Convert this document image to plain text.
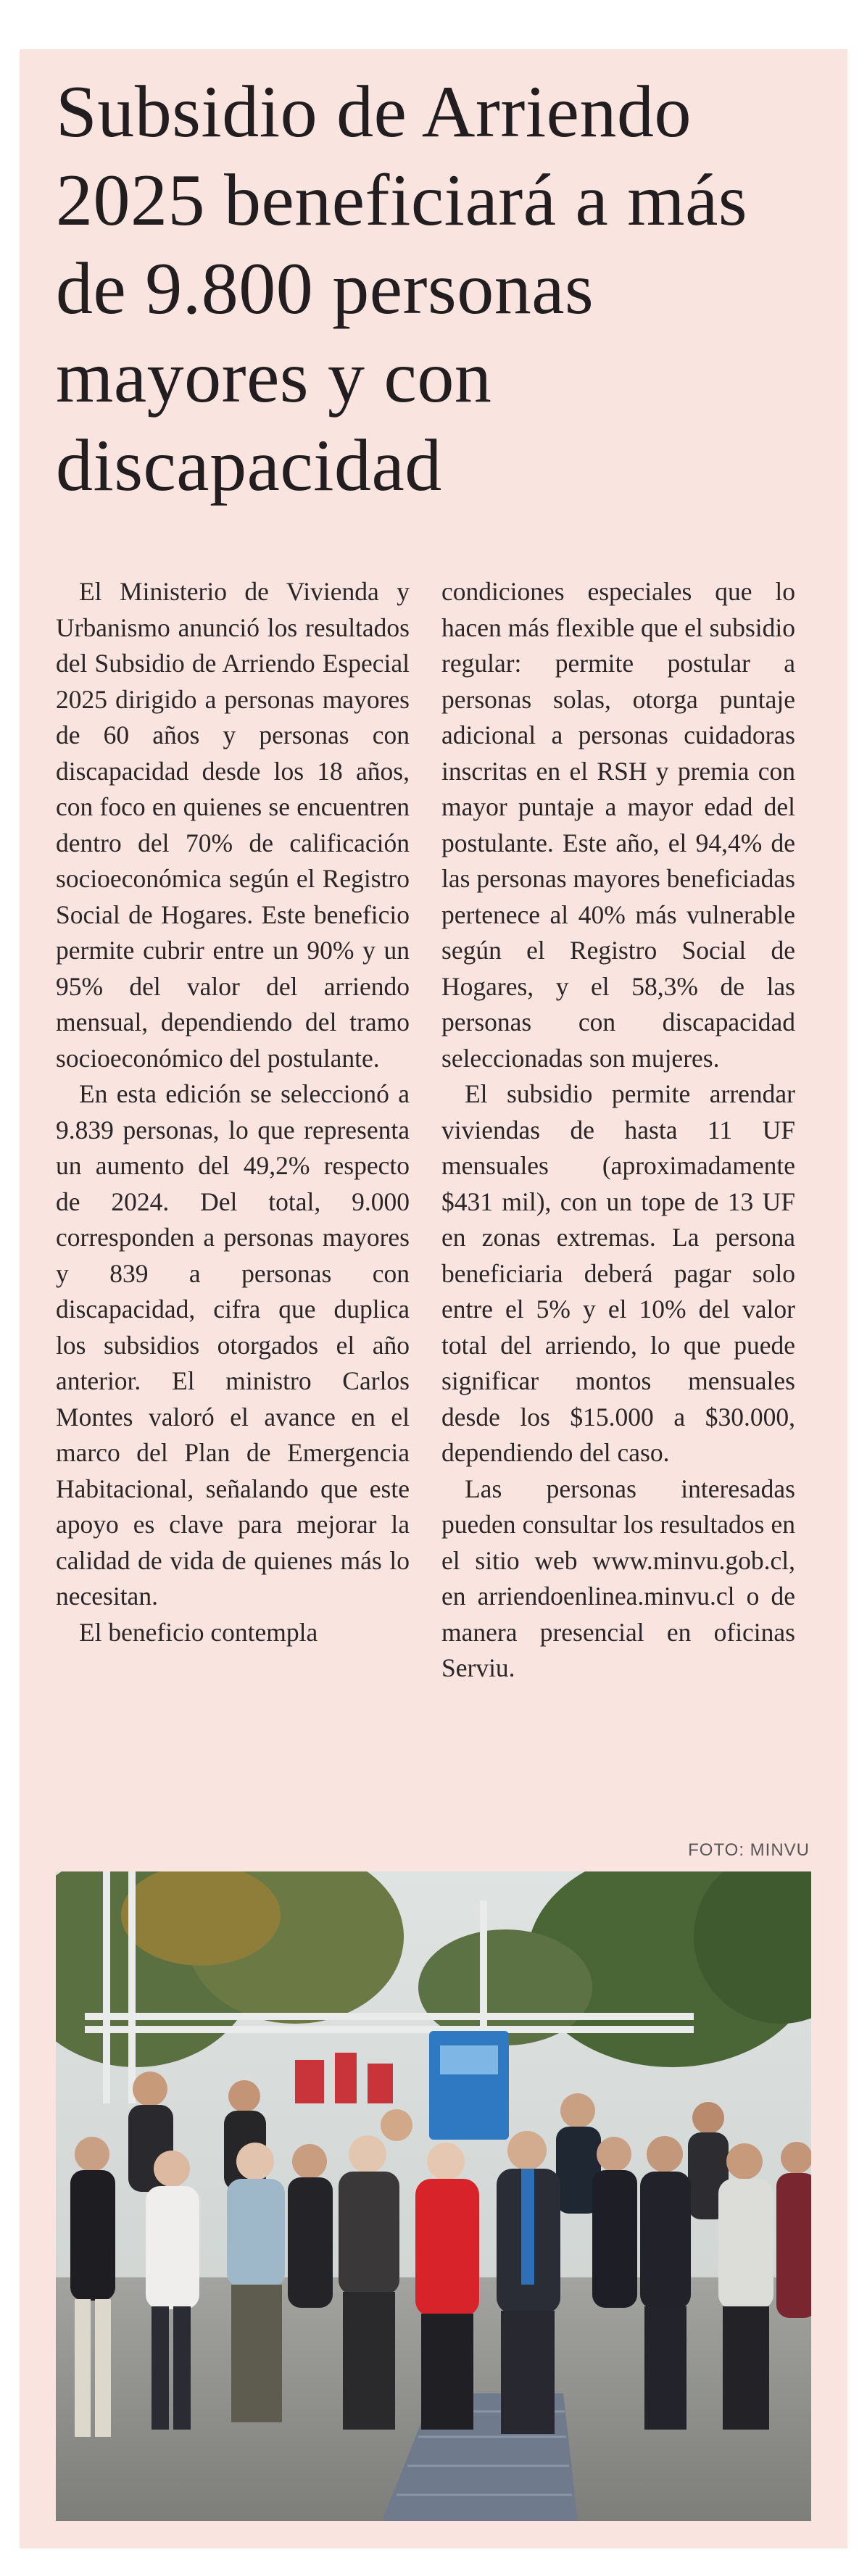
Subsidio de Arriendo 2025 beneficiará a más de 9.800 personas mayores y con discapacidad

El Ministerio de Vivienda y Urbanismo anunció los resultados del Subsidio de Arriendo Especial 2025 dirigido a personas mayores de 60 años y personas con discapacidad desde los 18 años, con foco en quienes se encuentren dentro del 70% de calificación socioeconómica según el Registro Social de Hogares. Este beneficio permite cubrir entre un 90% y un 95% del valor del arriendo mensual, dependiendo del tramo socioeconómico del postulante.

En esta edición se seleccionó a 9.839 personas, lo que representa un aumento del 49,2% respecto de 2024. Del total, 9.000 corresponden a personas mayores y 839 a personas con discapacidad, cifra que duplica los subsidios otorgados el año anterior. El ministro Carlos Montes valoró el avance en el marco del Plan de Emergencia Habitacional, señalando que este apoyo es clave para mejorar la calidad de vida de quienes más lo necesitan.

El beneficio contempla

condiciones especiales que lo hacen más flexible que el subsidio regular: permite postular a personas solas, otorga puntaje adicional a personas cuidadoras inscritas en el RSH y premia con mayor puntaje a mayor edad del postulante. Este año, el 94,4% de las personas mayores beneficiadas pertenece al 40% más vulnerable según el Registro Social de Hogares, y el 58,3% de las personas con discapacidad seleccionadas son mujeres.

El subsidio permite arrendar viviendas de hasta 11 UF mensuales (aproximadamente $431 mil), con un tope de 13 UF en zonas extremas. La persona beneficiaria deberá pagar solo entre el 5% y el 10% del valor total del arriendo, lo que puede significar montos mensuales desde los $15.000 a $30.000, dependiendo del caso.

Las personas interesadas pueden consultar los resultados en el sitio web www.minvu.gob.cl, en arriendoenlinea.minvu.cl o de manera presencial en oficinas Serviu.

FOTO: MINVU
